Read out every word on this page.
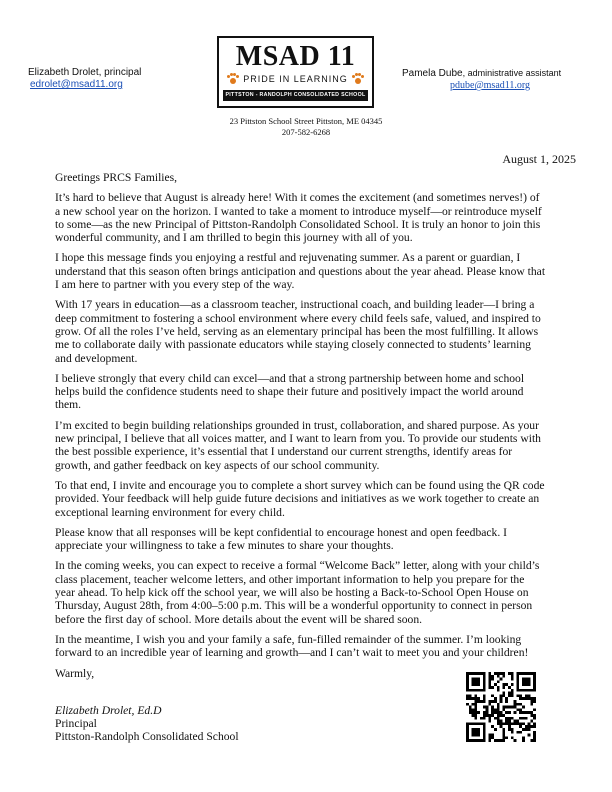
Elizabeth Drolet, principal
edrolet@msad11.org
MSAD 11
PRIDE IN LEARNING
PITTSTON - RANDOLPH CONSOLIDATED SCHOOL
Pamela Dube, administrative assistant
pdube@msad11.org
23 Pittston School Street Pittston, ME 04345
207-582-6268
August 1, 2025

Greetings PRCS Families,

It’s hard to believe that August is already here! With it comes the excitement (and sometimes nerves!) of a new school year on the horizon. I wanted to take a moment to introduce myself—or reintroduce myself to some—as the new Principal of Pittston-Randolph Consolidated School. It is truly an honor to join this wonderful community, and I am thrilled to begin this journey with all of you.

I hope this message finds you enjoying a restful and rejuvenating summer. As a parent or guardian, I understand that this season often brings anticipation and questions about the year ahead. Please know that I am here to partner with you every step of the way.

With 17 years in education—as a classroom teacher, instructional coach, and building leader—I bring a deep commitment to fostering a school environment where every child feels safe, valued, and inspired to grow. Of all the roles I’ve held, serving as an elementary principal has been the most fulfilling. It allows me to collaborate daily with passionate educators while staying closely connected to students’ learning and development.

I believe strongly that every child can excel—and that a strong partnership between home and school helps build the confidence students need to shape their future and positively impact the world around them.

I’m excited to begin building relationships grounded in trust, collaboration, and shared purpose. As your new principal, I believe that all voices matter, and I want to learn from you. To provide our students with the best possible experience, it’s essential that I understand our current strengths, identify areas for growth, and gather feedback on key aspects of our school community.

To that end, I invite and encourage you to complete a short survey which can be found using the QR code provided. Your feedback will help guide future decisions and initiatives as we work together to create an exceptional learning environment for every child.

Please know that all responses will be kept confidential to encourage honest and open feedback. I appreciate your willingness to take a few minutes to share your thoughts.

In the coming weeks, you can expect to receive a formal “Welcome Back” letter, along with your child’s class placement, teacher welcome letters, and other important information to help you prepare for the year ahead. To help kick off the school year, we will also be hosting a Back-to-School Open House on Thursday, August 28th, from 4:00–5:00 p.m. This will be a wonderful opportunity to connect in person before the first day of school. More details about the event will be shared soon.

In the meantime, I wish you and your family a safe, fun-filled remainder of the summer. I’m looking forward to an incredible year of learning and growth—and I can’t wait to meet you and your children!

Warmly,

Elizabeth Drolet, Ed.D
Principal
Pittston-Randolph Consolidated School
